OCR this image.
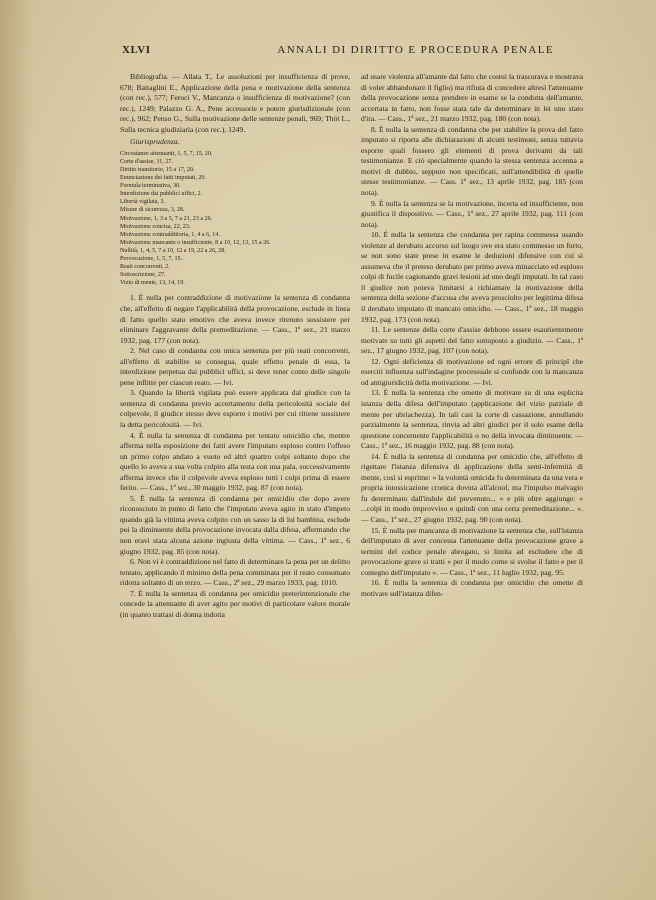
XLVI	ANNALI DI DIRITTO E PROCEDURA PENALE

Bibliografia. — Allata T., Le assoluzioni per insufficienza di prove, 678; Battaglini E., Applicazione della pena e motivazione della sentenza (con rec.), 577; Feroci V., Mancanza o insufficienza di motivazione? (con rec.), 1249; Palazzo G. A., Pene accessorie e potere giurisdizionale (con rec.), 962; Penso G., Sulla motivazione delle sentenze penali, 969; Thöt L., Sulla tecnica giudiziaria (con rec.), 1249.

Giurisprudenza.

Circostanze attenuanti, 1, 5, 7, 15, 20.
Corte d'assise, 11, 27.
Diritto transitorio, 15 a 17, 20.
Enunciazione dei fatti imputati, 29.
Formula terminativa, 30.
Interdizione dai pubblici uffici, 2.
Libertà vigilata, 3.
Misure di sicurezza, 3, 28.
Motivazione, 1, 3 a 5, 7 a 21, 23 a 26.
Motivazione concisa, 22, 23.
Motivazione contraddittoria, 1, 4 a 6, 14.
Motivazione mancante o insufficiente, 8 a 10, 12, 13, 15 a 26.
Nullità, 1, 4, 5, 7 a 10, 12 a 19, 22 a 26, 28.
Provocazione, 1, 5, 7, 15.
Reati concorrenti, 2.
Sottoscrizione, 27.
Vizio di mente, 13, 14, 19.

1. È nulla per contraddizione di motivazione la sentenza di condanna che, all'effetto di negare l'applicabilità della provocazione, esclude in linea di fatto quello stato emotivo che aveva invece ritenuto sussistere per eliminare l'aggravante della premeditazione. — Cass., 1ª sez., 21 marzo 1932, pag. 177 (con nota).

2. Nel caso di condanna con unica sentenza per più reati concorrenti, all'effetto di stabilire se consegua, quale effetto penale di essa, la interdizione perpetua dai pubblici uffici, si deve tener conto delle singole pene inflitte per ciascun reato. — Ivi.

3. Quando la libertà vigilata può essere applicata dal giudice con la sentenza di condanna previo accertamento della pericolosità sociale del colpevole, il giudice stesso deve esporre i motivi per cui ritiene sussistere la detta pericolosità. — Ivi.

4. È nulla la sentenza di condanna per tentato omicidio che, mentre afferma nella esposizione dei fatti avere l'imputato esploso contro l'offeso un primo colpo andato a vuoto ed altri quattro colpi soltanto dopo che quello lo aveva a sua volta colpito alla testa con una pala, successivamente afferma invece che il colpevole aveva esploso tutti i colpi prima di essere ferito. — Cass., 1ª sez., 30 maggio 1932, pag. 87 (con nota).

5. È nulla la sentenza di condanna per omicidio che dopo avere riconosciuto in punto di fatto che l'imputato aveva agito in stato d'impeto quando già la vittima aveva colpito con un sasso la di lui bambina, esclude poi la diminuente della provocazione invocata dalla difesa, affermando che non eravi stata alcuna azione ingiusta della vittima. — Cass., 1ª sez., 6 giugno 1932, pag. 85 (con nota).

6. Non vi è contraddizione nel fatto di determinare la pena per un delitto tentato, applicando il minimo della pena comminata per il reato consumato ridotta soltanto di un terzo. — Cass., 2ª sez., 29 marzo 1933, pag. 1010.

7. È nulla la sentenza di condanna per omicidio preterintenzionale che concede la attenuante di aver agito per motivi di particolare valore morale (in quanto trattasi di donna indotta

ad usare violenza all'amante dal fatto che costui la trascurava e mostrava di voler abbandonare il figlio) ma rifiuta di concedere altresì l'attenuante della provocazione senza prendere in esame se la condotta dell'amante, accertata in fatto, non fosse stata tale da determinare in lei uno stato d'ira. — Cass., 1ª sez., 21 marzo 1932, pag. 180 (con nota).

8. È nulla la sentenza di condanna che per stabilire la prova del fatto imputato si riporta alle dichiarazioni di alcuni testimoni, senza tuttavia esporre quali fossero gli elementi di prova derivanti da tali testimonianze. E ciò specialmente quando la stessa sentenza accenna a motivi di dubbio, seppure non specificati, sull'attendibilità di quelle stesse testimonianze. — Cass. 1ª sez., 13 aprile 1932, pag. 185 (con nota).

9. È nulla la sentenza se la motivazione, incerta ed insufficiente, non giustifica il dispositivo. — Cass., 1ª sez., 27 aprile 1932, pag. 111 (con nota).

10. È nulla la sentenza che condanna per rapina commessa usando violenze al derubato accorso sul luogo ove era stato commesso un furto, se non sono state prese in esame le deduzioni difensive con cui si assumeva che il preteso derubato per primo aveva minacciato ed esploso colpi di fucile cagionando gravi lesioni ad uno degli imputati. In tal caso il giudice non poteva limitarsi a richiamare la motivazione della sentenza della sezione d'accusa che aveva prosciolto per legittima difesa il derubato imputato di mancato omicidio. — Cass., 1ª sez., 18 maggio 1932, pag. 173 (con nota).

11. Le sentenze della corte d'assise debbono essere esaurientemente motivate su tutti gli aspetti del fatto sottoposto a giudizio. — Cass., 1ª sez., 17 giugno 1932, pag. 107 (con nota).

12. Ogni deficienza di motivazione ed ogni errore di principî che eserciti influenza sull'indagine processuale si confonde con la mancanza od antigiuridicità della motivazione. — Ivi.

13. È nulla la sentenza che omette di motivare su di una esplicita istanza della difesa dell'imputato (applicazione del vizio parziale di mente per ubriachezza). In tali casi la corte di cassazione, annullando parzialmente la sentenza, rinvia ad altri giudici per il solo esame della questione concernente l'applicabilità o no della invocata diminuente. — Cass., 1ª sez., 16 maggio 1932, pag. 88 (con nota).

14. È nulla la sentenza di condanna per omicidio che, all'effetto di rigettare l'istanza difensiva di applicazione della semi-infermità di mente, così si esprime: « la volontà omicida fu determinata da una vera e propria intossicazione cronica dovuta all'alcool, ma l'impulso malvagio fu determinato dall'indole del prevenuto... » e più oltre aggiunge: « ...colpì in modo improvviso e quindi con una certa premeditazione... ». — Cass., 1ª sez., 27 giugno 1932, pag. 90 (con nota).

15. È nulla per mancanza di motivazione la sentenza che, sull'istanza dell'imputato di aver concessa l'attenuante della provocazione grave a termini del codice penale abrogato, si limita ad escludere che di provocazione grave si tratti « per il modo come si svolse il fatto e per il contegno dell'imputato ». — Cass., 1ª sez., 11 luglio 1932, pag. 95.

16. È nulla la sentenza di condanna per omicidio che omette di motivare sull'istanza difen-
